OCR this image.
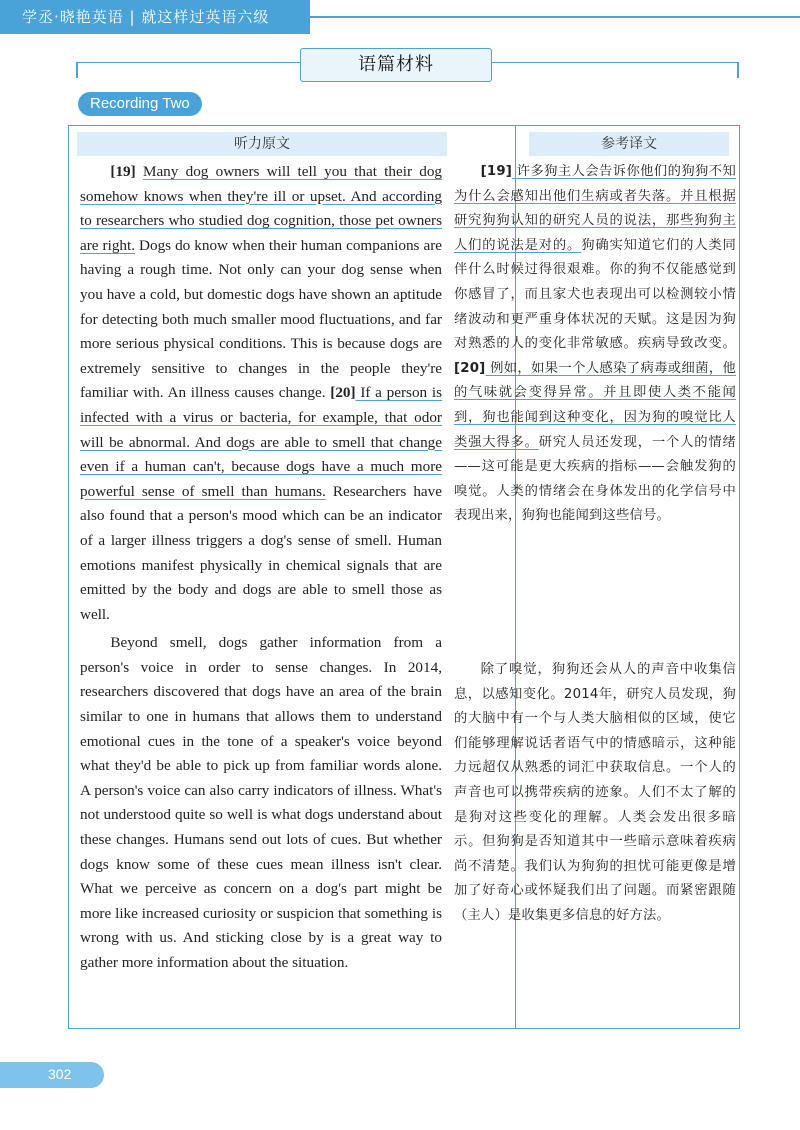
学丞·晓艳英语 | 就这样过英语六级
语篇材料
Recording Two
听力原文	参考译文

[19] Many dog owners will tell you that their dog somehow knows when they're ill or upset. And according to researchers who studied dog cognition, those pet owners are right. Dogs do know when their human companions are having a rough time. Not only can your dog sense when you have a cold, but domestic dogs have shown an aptitude for detecting both much smaller mood fluctuations, and far more serious physical conditions. This is because dogs are extremely sensitive to changes in the people they're familiar with. An illness causes change. [20] If a person is infected with a virus or bacteria, for example, that odor will be abnormal. And dogs are able to smell that change even if a human can't, because dogs have a much more powerful sense of smell than humans. Researchers have also found that a person's mood which can be an indicator of a larger illness triggers a dog's sense of smell. Human emotions manifest physically in chemical signals that are emitted by the body and dogs are able to smell those as well.

Beyond smell, dogs gather information from a person's voice in order to sense changes. In 2014, researchers discovered that dogs have an area of the brain similar to one in humans that allows them to understand emotional cues in the tone of a speaker's voice beyond what they'd be able to pick up from familiar words alone. A person's voice can also carry indicators of illness. What's not understood quite so well is what dogs understand about these changes. Humans send out lots of cues. But whether dogs know some of these cues mean illness isn't clear. What we perceive as concern on a dog's part might be more like increased curiosity or suspicion that something is wrong with us. And sticking close by is a great way to gather more information about the situation.

[19] 许多狗主人会告诉你他们的狗狗不知为什么会感知出他们生病或者失落。并且根据研究狗狗认知的研究人员的说法，那些狗狗主人们的说法是对的。狗确实知道它们的人类同伴什么时候过得很艰难。你的狗不仅能感觉到你感冒了，而且家犬也表现出可以检测较小情绪波动和更严重身体状况的天赋。这是因为狗对熟悉的人的变化非常敏感。疾病导致改变。[20] 例如，如果一个人感染了病毒或细菌，他的气味就会变得异常。并且即使人类不能闻到，狗也能闻到这种变化，因为狗的嗅觉比人类强大得多。研究人员还发现，一个人的情绪——这可能是更大疾病的指标——会触发狗的嗅觉。人类的情绪会在身体发出的化学信号中表现出来，狗狗也能闻到这些信号。

除了嗅觉，狗狗还会从人的声音中收集信息，以感知变化。2014年，研究人员发现，狗的大脑中有一个与人类大脑相似的区域，使它们能够理解说话者语气中的情感暗示，这种能力远超仅从熟悉的词汇中获取信息。一个人的声音也可以携带疾病的迹象。人们不太了解的是狗对这些变化的理解。人类会发出很多暗示。但狗狗是否知道其中一些暗示意味着疾病尚不清楚。我们认为狗狗的担忧可能更像是增加了好奇心或怀疑我们出了问题。而紧密跟随（主人）是收集更多信息的好方法。

302
